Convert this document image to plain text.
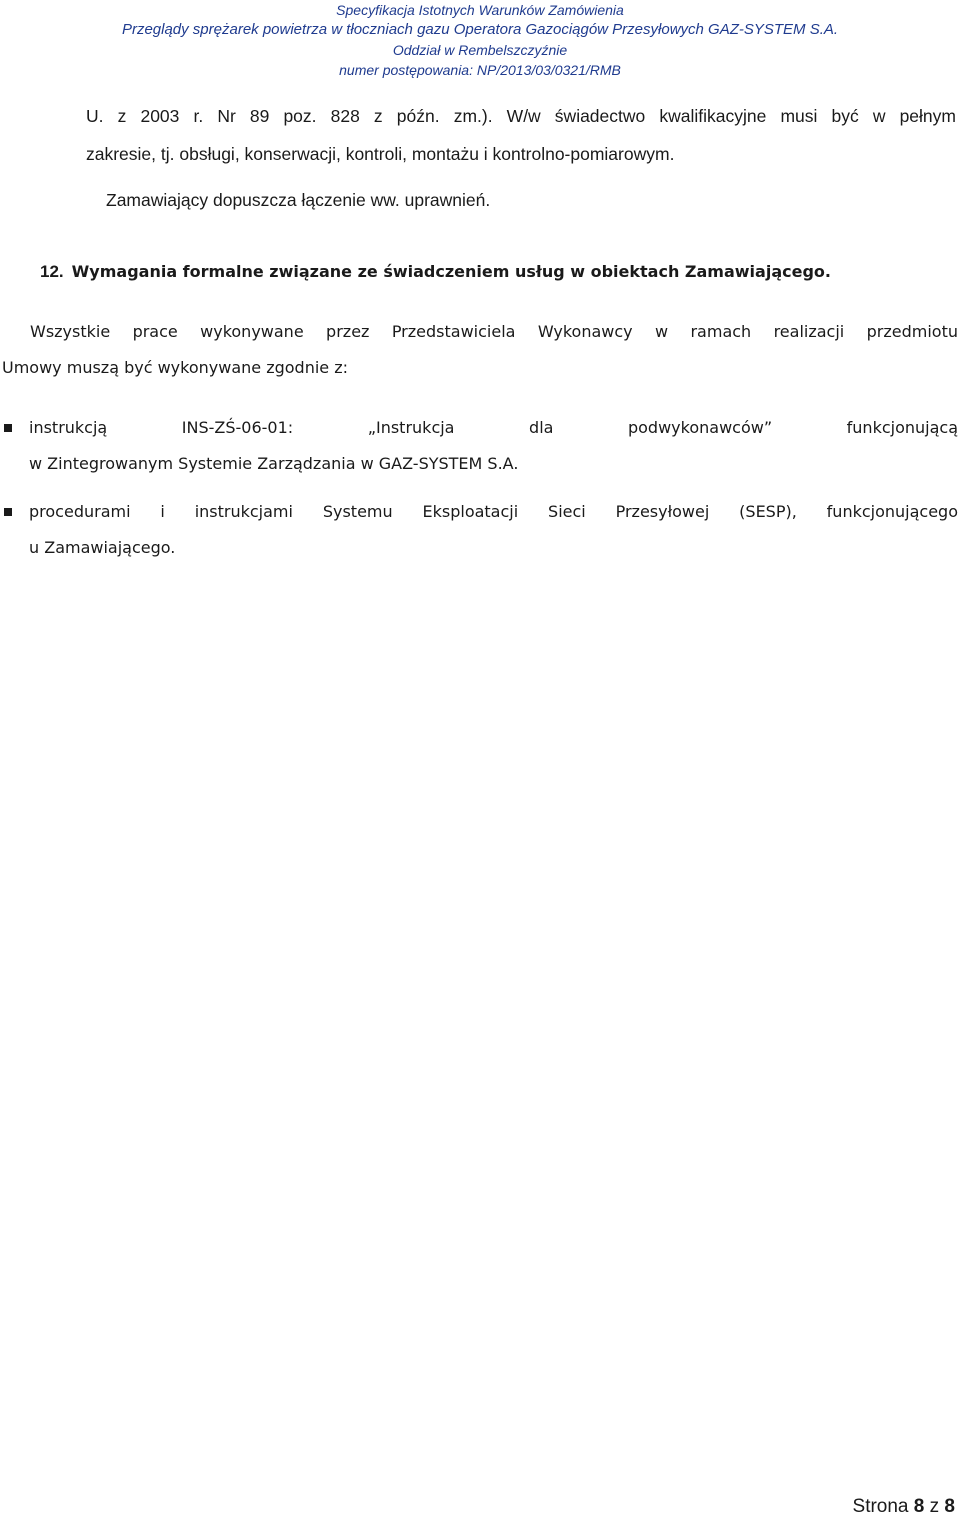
Specyfikacja Istotnych Warunków Zamówienia
Przeglądy sprężarek powietrza w tłoczniach gazu Operatora Gazociągów Przesyłowych GAZ-SYSTEM S.A.
Oddział w Rembelszczyźnie
numer postępowania: NP/2013/03/0321/RMB
U. z 2003 r. Nr 89 poz. 828 z późn. zm.). W/w świadectwo kwalifikacyjne musi być w pełnym
zakresie, tj. obsługi, konserwacji, kontroli, montażu i kontrolno-pomiarowym.
Zamawiający dopuszcza łączenie ww. uprawnień.
12. Wymagania formalne związane ze świadczeniem usług w obiektach Zamawiającego.
Wszystkie prace wykonywane przez Przedstawiciela Wykonawcy w ramach realizacji przedmiotu
Umowy muszą być wykonywane zgodnie z:
instrukcją INS-ZŚ-06-01: „Instrukcja dla podwykonawców” funkcjonującą
w Zintegrowanym Systemie Zarządzania w GAZ-SYSTEM S.A.
procedurami i instrukcjami Systemu Eksploatacji Sieci Przesyłowej (SESP), funkcjonującego
u Zamawiającego.
Strona 8 z 8
